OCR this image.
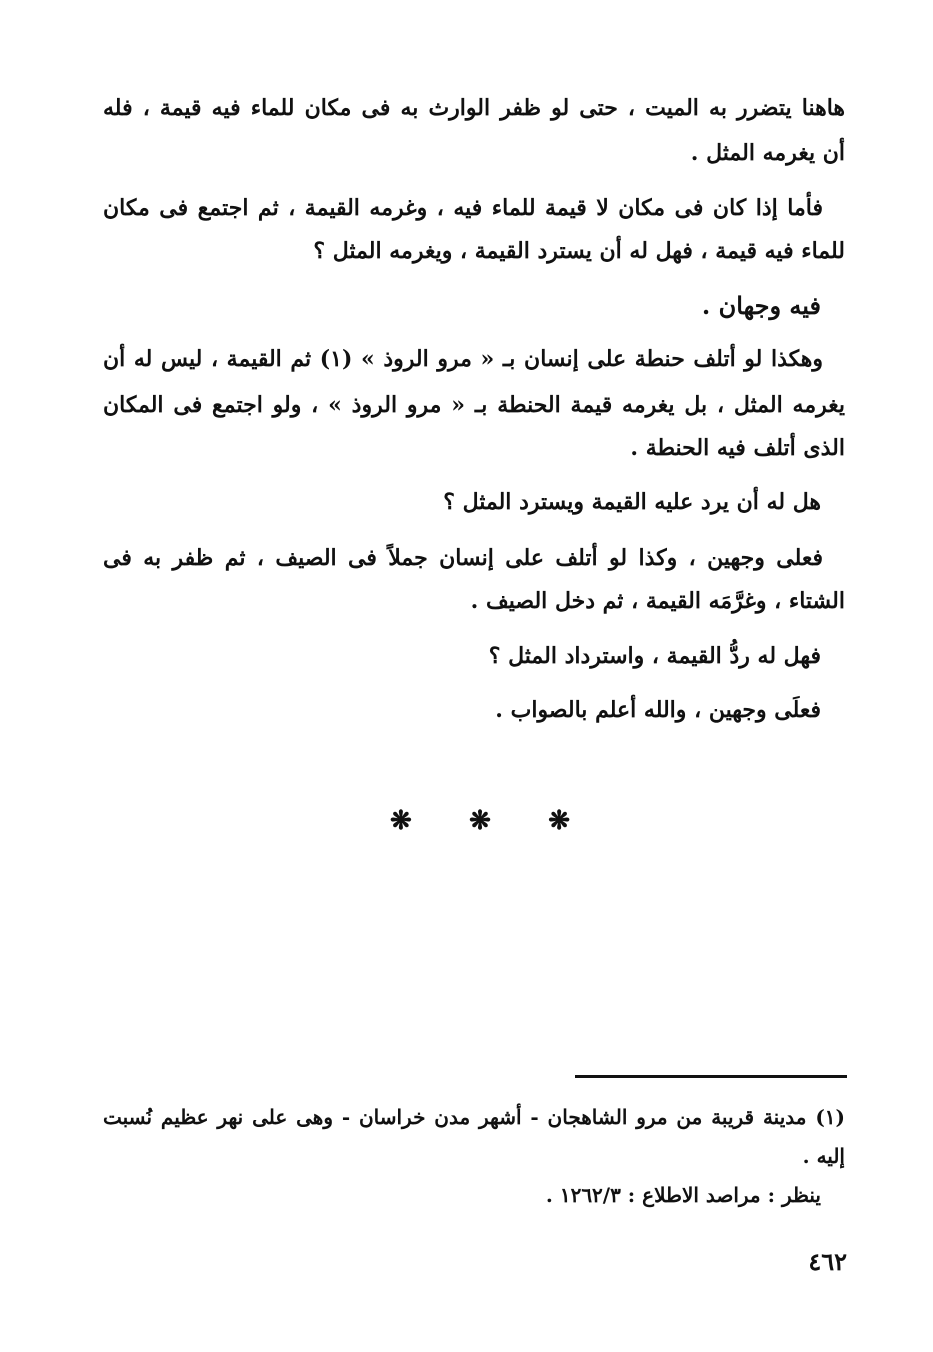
هاهنا يتضرر به الميت ، حتى لو ظفر الوارث به فى مكان للماء فيه قيمة ، فله
أن يغرمه المثل .
فأما إذا كان فى مكان لا قيمة للماء فيه ، وغرمه القيمة ، ثم اجتمع فى مكان
للماء فيه قيمة ، فهل له أن يسترد القيمة ، ويغرمه المثل ؟
فيه وجهان .
وهكذا لو أتلف حنطة على إنسان بـ « مرو الروذ » (١) ثم القيمة ، ليس له أن
يغرمه المثل ، بل يغرمه قيمة الحنطة بـ « مرو الروذ » ، ولو اجتمع فى المكان
الذى أتلف فيه الحنطة .
هل له أن يرد عليه القيمة ويسترد المثل ؟
فعلى وجهين ، وكذا لو أتلف على إنسان جملاً فى الصيف ، ثم ظفر به فى
الشتاء ، وغرَّمَه القيمة ، ثم دخل الصيف .
فهل له ردُّ القيمة ، واسترداد المثل ؟
فعلَى وجهين ، والله أعلم بالصواب .
❋ ❋ ❋
(١) مدينة قريبة من مرو الشاهجان - أشهر مدن خراسان - وهى على نهر عظيم نُسبت
إليه .
ينظر : مراصد الاطلاع : ١٢٦٢/٣ .
٤٦٢
